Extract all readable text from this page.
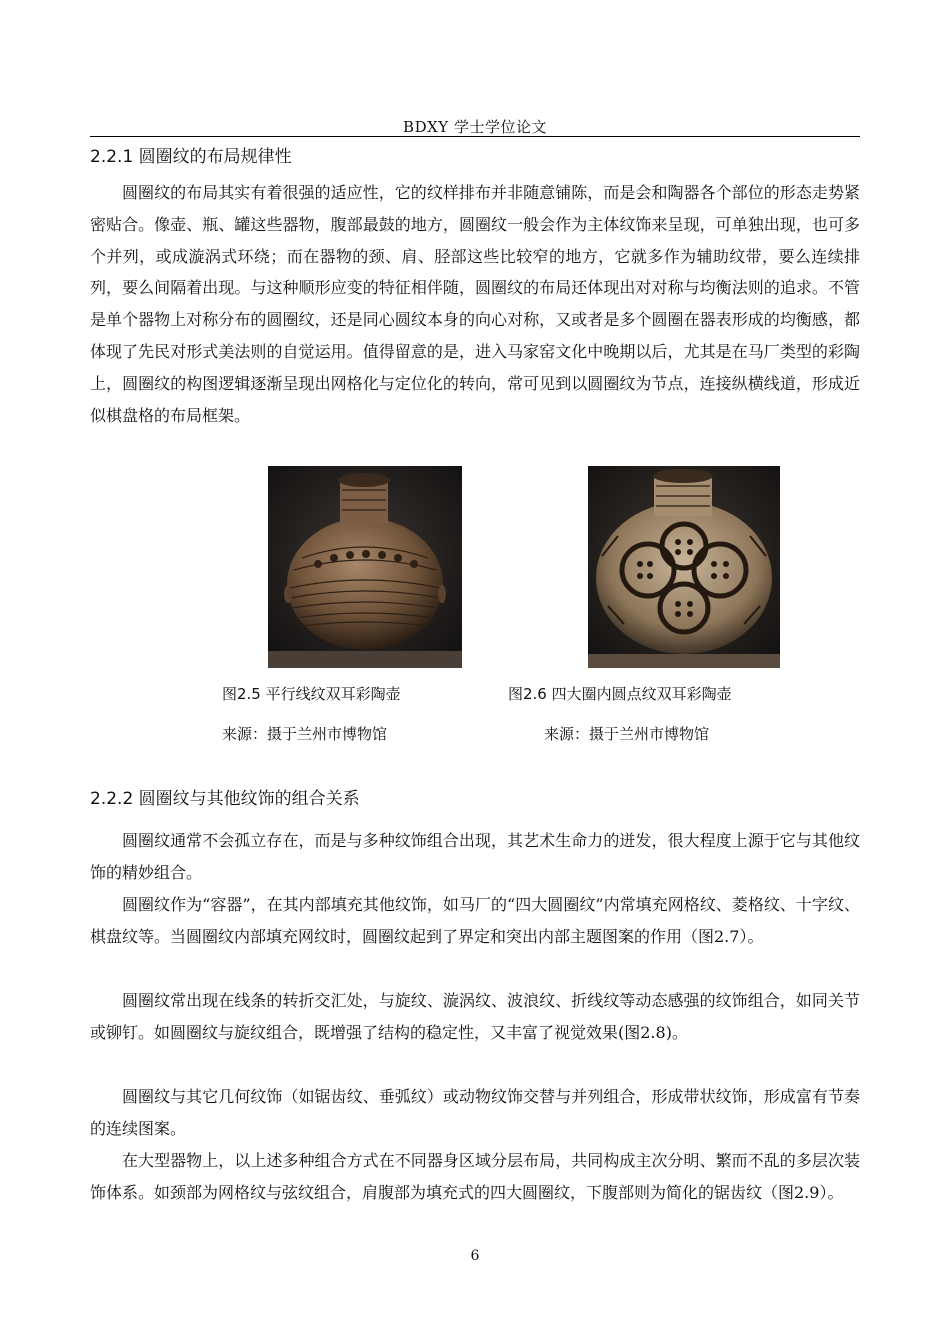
BDXY 学士学位论文
2.2.1 圆圈纹的布局规律性

圆圈纹的布局其实有着很强的适应性，它的纹样排布并非随意铺陈，而是会和陶器各个部位的形态走势紧密贴合。像壶、瓶、罐这些器物，腹部最鼓的地方，圆圈纹一般会作为主体纹饰来呈现，可单独出现，也可多个并列，或成漩涡式环绕；而在器物的颈、肩、胫部这些比较窄的地方，它就多作为辅助纹带，要么连续排列，要么间隔着出现。与这种顺形应变的特征相伴随，圆圈纹的布局还体现出对对称与均衡法则的追求。不管是单个器物上对称分布的圆圈纹，还是同心圆纹本身的向心对称，又或者是多个圆圈在器表形成的均衡感，都体现了先民对形式美法则的自觉运用。值得留意的是，进入马家窑文化中晚期以后，尤其是在马厂类型的彩陶上，圆圈纹的构图逻辑逐渐呈现出网格化与定位化的转向，常可见到以圆圈纹为节点，连接纵横线道，形成近似棋盘格的布局框架。

图2.5 平行线纹双耳彩陶壶
来源：摄于兰州市博物馆
图2.6 四大圈内圆点纹双耳彩陶壶
来源：摄于兰州市博物馆
2.2.2 圆圈纹与其他纹饰的组合关系

圆圈纹通常不会孤立存在，而是与多种纹饰组合出现，其艺术生命力的迸发，很大程度上源于它与其他纹饰的精妙组合。

圆圈纹作为“容器”，在其内部填充其他纹饰，如马厂的“四大圆圈纹”内常填充网格纹、菱格纹、十字纹、棋盘纹等。当圆圈纹内部填充网纹时，圆圈纹起到了界定和突出内部主题图案的作用（图2.7）。

圆圈纹常出现在线条的转折交汇处，与旋纹、漩涡纹、波浪纹、折线纹等动态感强的纹饰组合，如同关节或铆钉。如圆圈纹与旋纹组合，既增强了结构的稳定性，又丰富了视觉效果(图2.8)。

圆圈纹与其它几何纹饰（如锯齿纹、垂弧纹）或动物纹饰交替与并列组合，形成带状纹饰，形成富有节奏的连续图案。

在大型器物上，以上述多种组合方式在不同器身区域分层布局，共同构成主次分明、繁而不乱的多层次装饰体系。如颈部为网格纹与弦纹组合，肩腹部为填充式的四大圆圈纹，下腹部则为简化的锯齿纹（图2.9）。

6
